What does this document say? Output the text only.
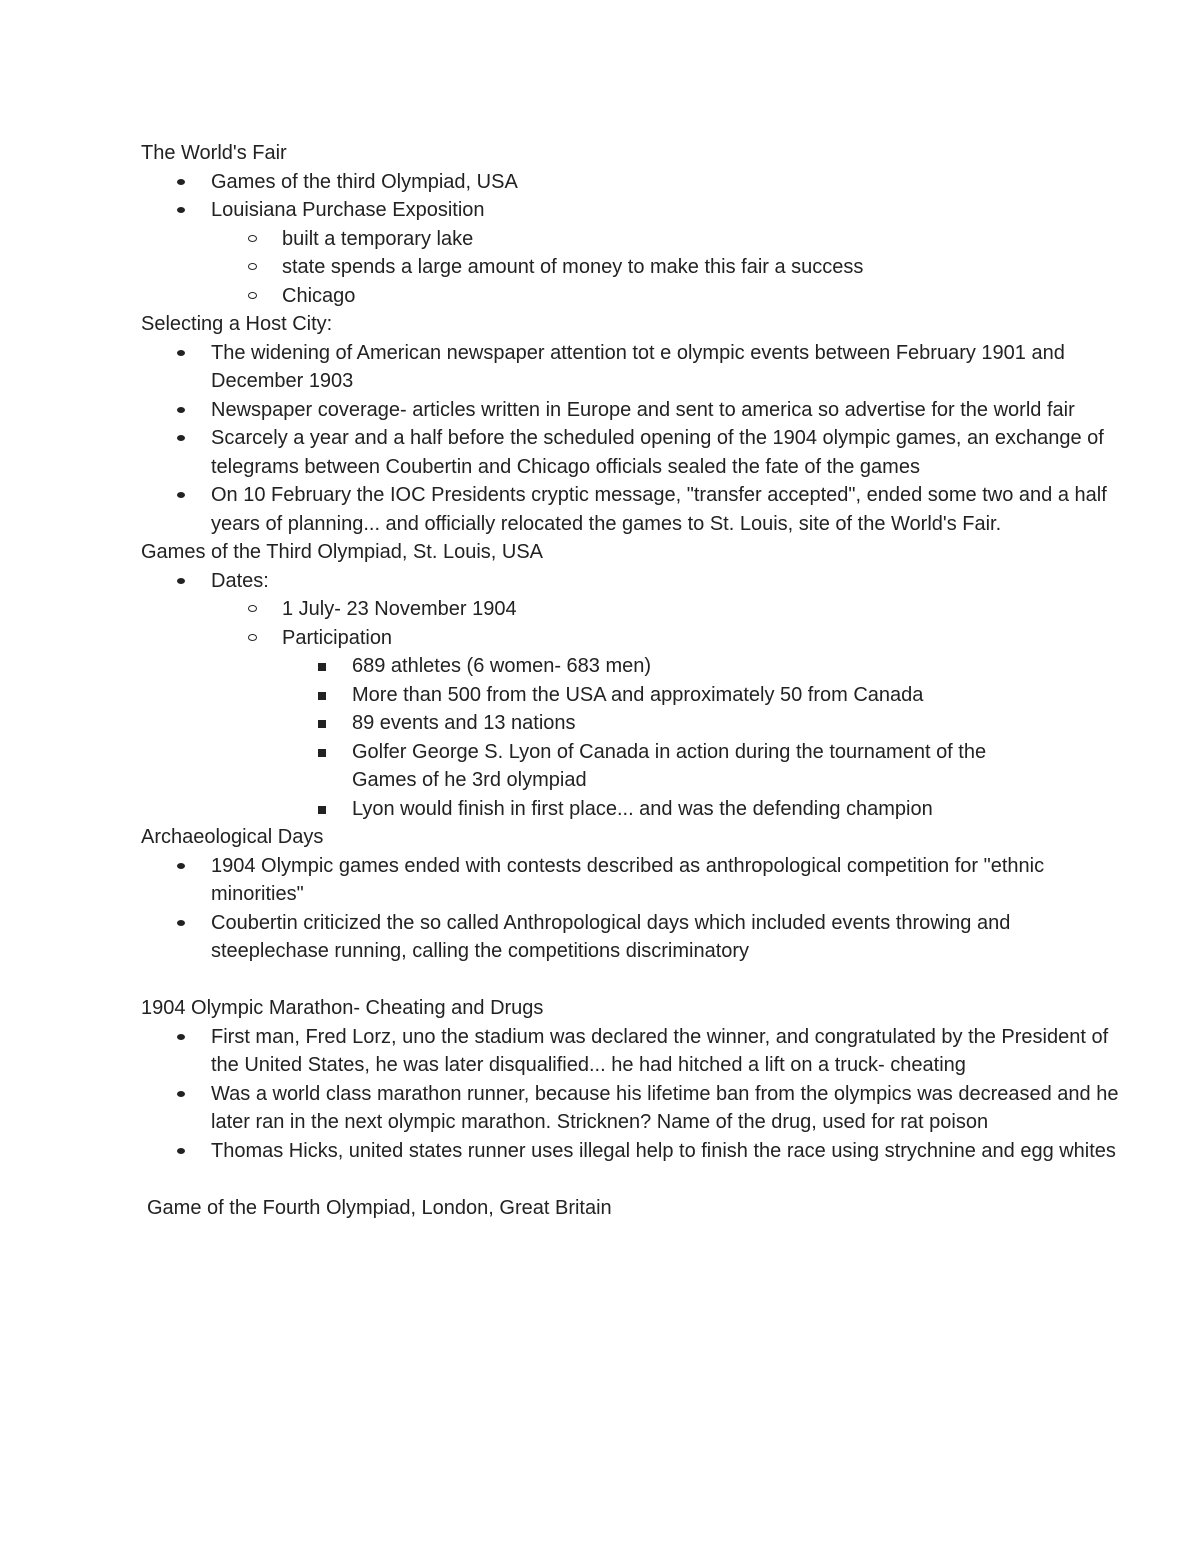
The World's Fair

Games of the third Olympiad, USA
Louisiana Purchase Exposition
built a temporary lake
state spends a large amount of money to make this fair a success
Chicago

Selecting a Host City:

The widening of American newspaper attention tot e olympic events between February 1901 and December 1903
Newspaper coverage- articles written in Europe and sent to america so advertise for the world fair
Scarcely a year and a half before the scheduled opening of the 1904 olympic games, an exchange of telegrams between Coubertin and Chicago officials sealed the fate of the games
On 10 February the IOC Presidents cryptic message, "transfer accepted", ended some two and a half years of planning... and officially relocated the games to St. Louis, site of the World's Fair.

Games of the Third Olympiad, St. Louis, USA

Dates:
1 July- 23 November 1904
Participation
689 athletes (6 women- 683 men)
More than 500 from the USA and approximately 50 from Canada
89 events and 13 nations
Golfer George S. Lyon of Canada in action during the tournament of the Games of he 3rd olympiad
Lyon would finish in first place... and was the defending champion

Archaeological Days

1904 Olympic games ended with contests described as anthropological competition for "ethnic minorities"
Coubertin criticized the so called Anthropological days which included events throwing and steeplechase running, calling the competitions discriminatory

1904 Olympic Marathon- Cheating and Drugs

First man, Fred Lorz, uno the stadium was declared the winner, and congratulated by the President of the United States, he was later disqualified... he had hitched a lift on a truck- cheating
Was a world class marathon runner, because his lifetime ban from the olympics was decreased and he later ran in the next olympic marathon. Stricknen? Name of the drug, used for rat poison
Thomas Hicks, united states runner uses illegal help to finish the race using strychnine and egg whites

Game of the Fourth Olympiad, London, Great Britain
